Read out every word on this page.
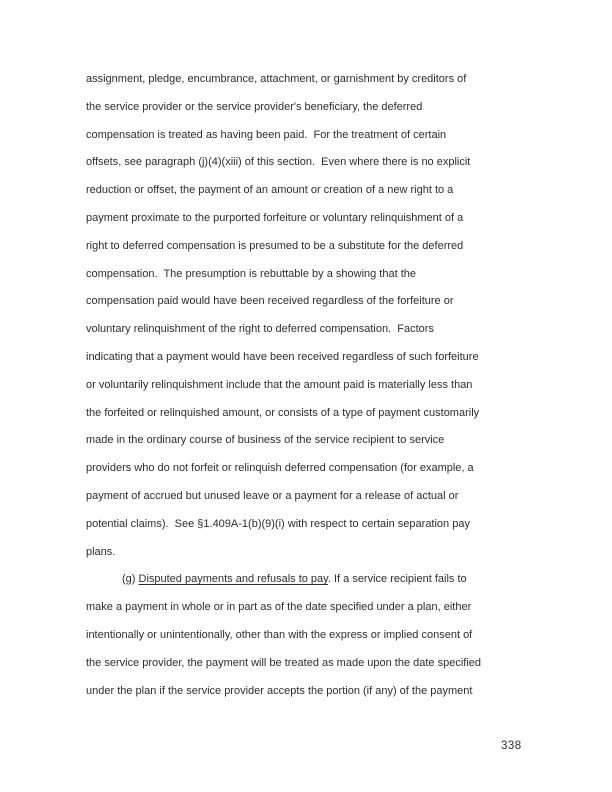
assignment, pledge, encumbrance, attachment, or garnishment by creditors of
the service provider or the service provider's beneficiary, the deferred
compensation is treated as having been paid.  For the treatment of certain
offsets, see paragraph (j)(4)(xiii) of this section.  Even where there is no explicit
reduction or offset, the payment of an amount or creation of a new right to a
payment proximate to the purported forfeiture or voluntary relinquishment of a
right to deferred compensation is presumed to be a substitute for the deferred
compensation.  The presumption is rebuttable by a showing that the
compensation paid would have been received regardless of the forfeiture or
voluntary relinquishment of the right to deferred compensation.  Factors
indicating that a payment would have been received regardless of such forfeiture
or voluntarily relinquishment include that the amount paid is materially less than
the forfeited or relinquished amount, or consists of a type of payment customarily
made in the ordinary course of business of the service recipient to service
providers who do not forfeit or relinquish deferred compensation (for example, a
payment of accrued but unused leave or a payment for a release of actual or
potential claims).  See §1.409A-1(b)(9)(i) with respect to certain separation pay
plans.
(g) Disputed payments and refusals to pay. If a service recipient fails to
make a payment in whole or in part as of the date specified under a plan, either
intentionally or unintentionally, other than with the express or implied consent of
the service provider, the payment will be treated as made upon the date specified
under the plan if the service provider accepts the portion (if any) of the payment
338
